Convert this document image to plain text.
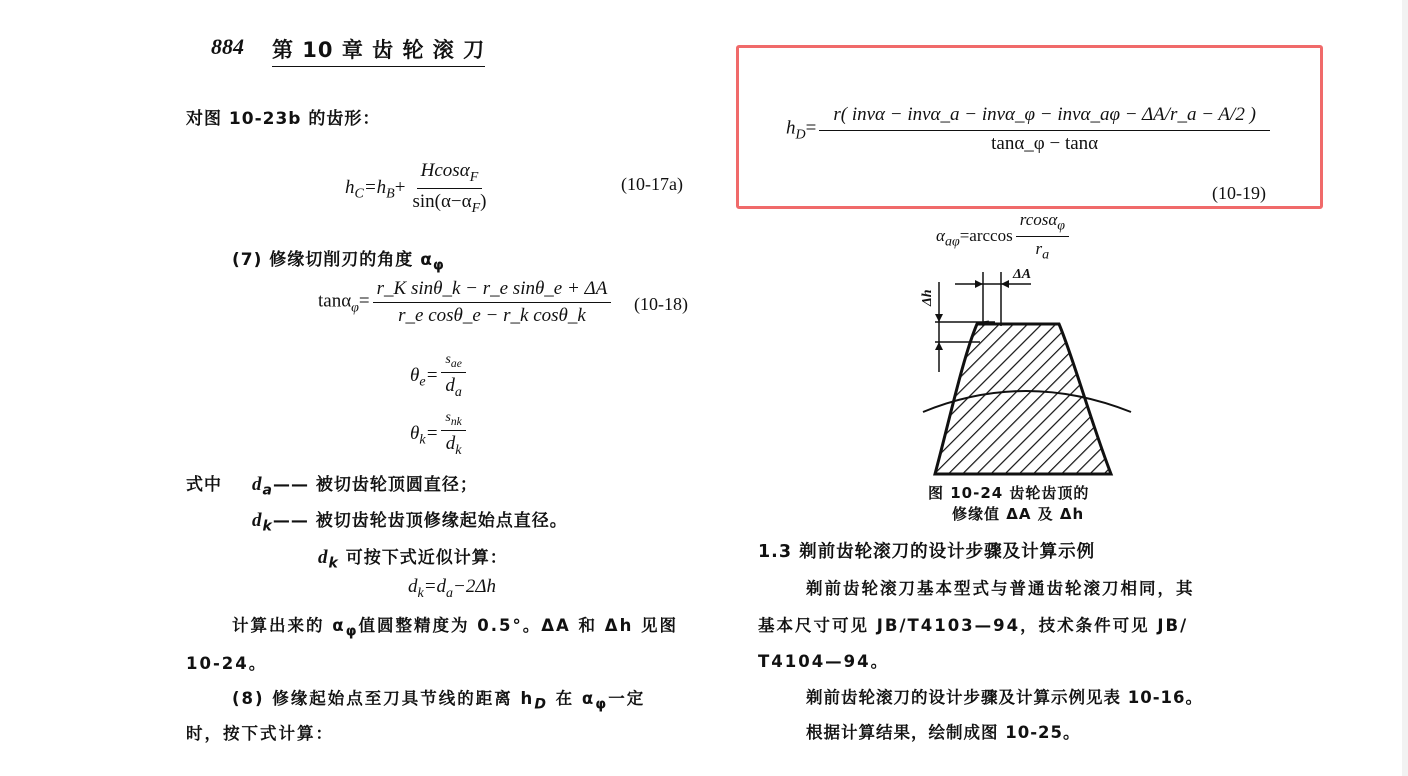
884 第 10 章 齿 轮 滚 刀
对图 10-23b 的齿形：
$h_C=h_B+ \frac{Hcos\alpha_F}{\sin(\alpha-\alpha_F)}$	(10-17a)
(7) 修缘切削刃的角度 $\alpha_\varphi$
$\tan\alpha_\varphi= \frac{\text{r\_K sinθ\_k − r\_e sinθ\_e + ΔA}}{\text{r\_e cosθ\_e − r\_k cosθ\_k}} (10-18)$
$\theta_e= \frac{s_{ae}}{d_a}$
$\theta_k= \frac{s_{nk}}{d_k}$
式中 $d_a——$ 被切齿轮顶圆直径；
$d_k——$ 被切齿轮齿顶修缘起始点直径。
$d_k$ 可按下式近似计算：
$d_k=d_a-2\Delta h$
计算出来的 $\alpha_\varphi$值圆整精度为 0.5°。ΔA 和 Δh 见图
10-24。
(8) 修缘起始点至刀具节线的距离 $h_D$ 在 $\alpha_\varphi$一定
时，按下式计算：
$h_D= \frac{\text{r( invα − invα\_a − invα\_φ − invα\_aφ − ΔA/r\_a − A/2 )}}{\tan\alpha\_\varphi - \tan\alpha}$
(10-19)
$\alpha_{a\varphi}=\arccos \frac{rcos\alpha_\varphi}{r_a}$
ΔA
Δh
图 10-24 齿轮齿顶的
修缘值 ΔA 及 Δh
1.3 剃前齿轮滚刀的设计步骤及计算示例
剃前齿轮滚刀基本型式与普通齿轮滚刀相同，其
基本尺寸可见 JB/T4103—94，技术条件可见 JB/
T4104—94。
剃前齿轮滚刀的设计步骤及计算示例见表 10-16。
根据计算结果，绘制成图 10-25。
